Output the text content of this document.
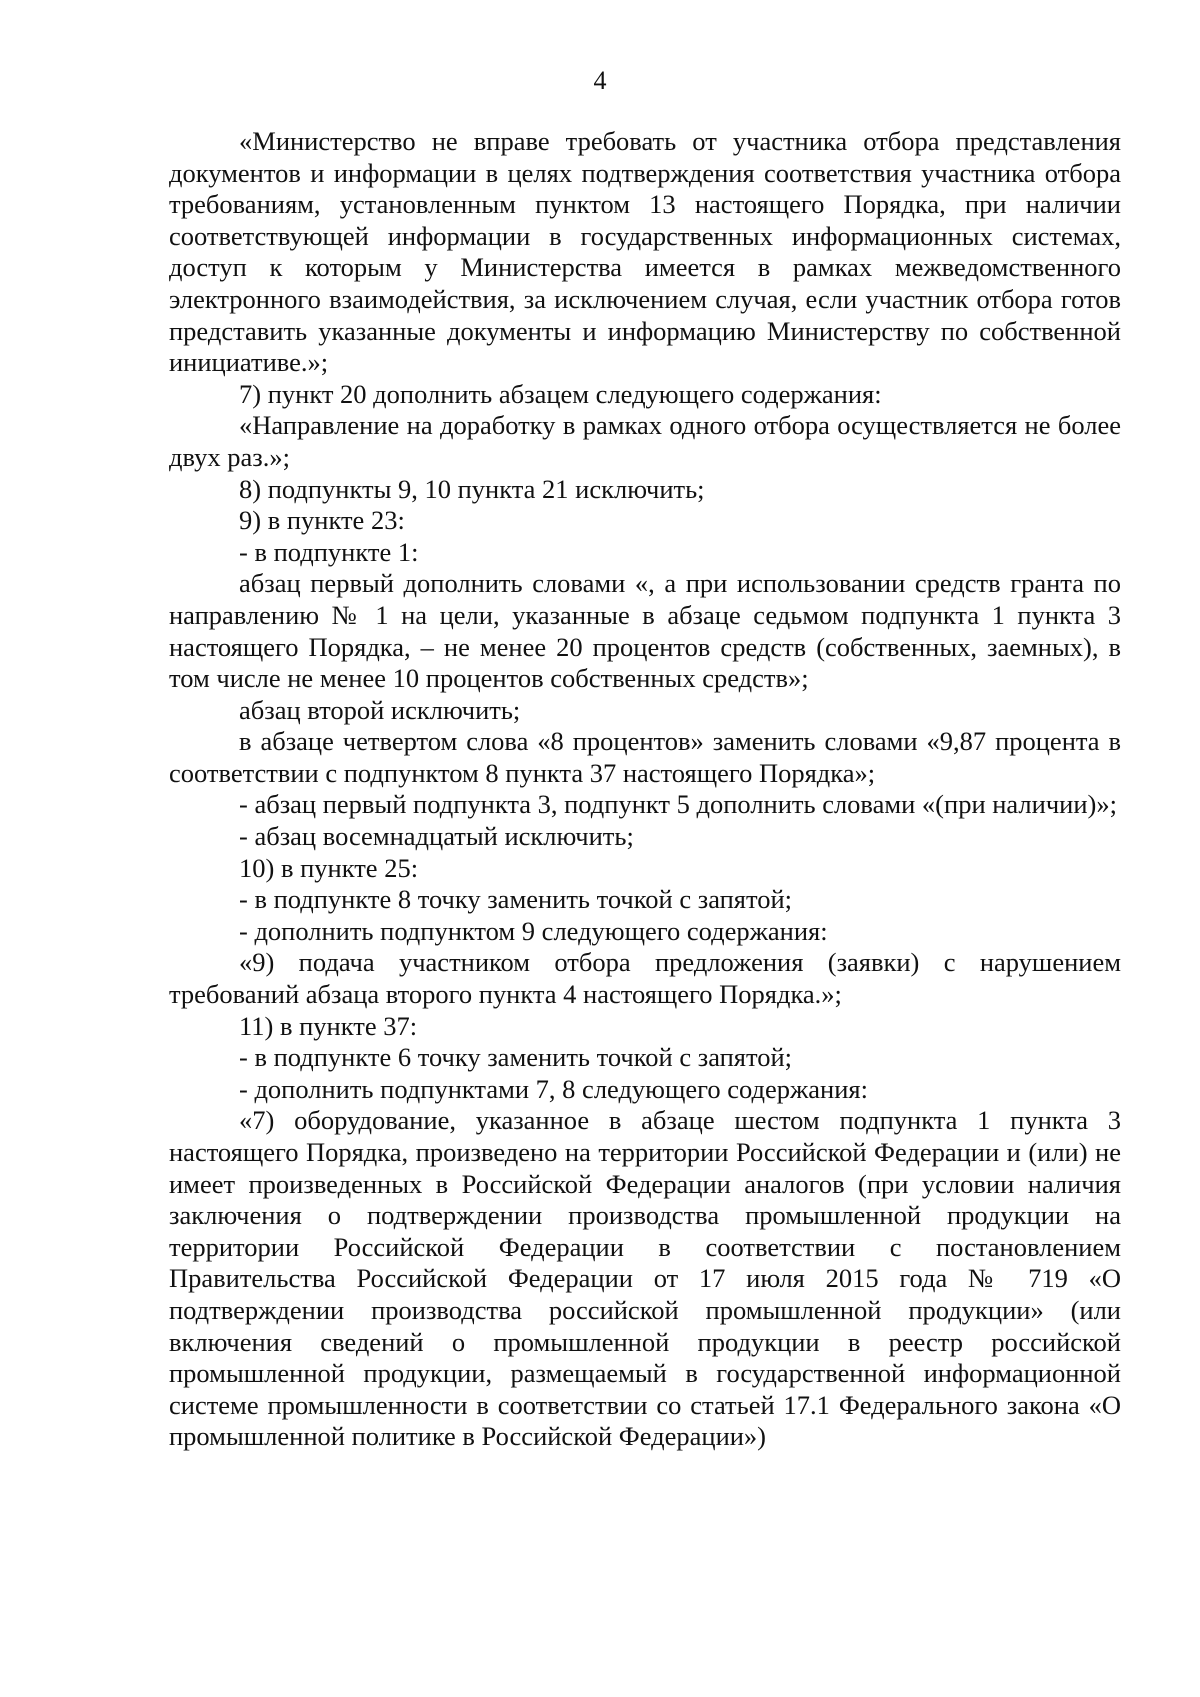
4

«Министерство не вправе требовать от участника отбора представления документов и информации в целях подтверждения соответствия участника отбора требованиям, установленным пунктом 13 настоящего Порядка, при наличии соответствующей информации в государственных информационных системах, доступ к которым у Министерства имеется в рамках межведомственного электронного взаимодействия, за исключением случая, если участник отбора готов представить указанные документы и информацию Министерству по собственной инициативе.»;

7) пункт 20 дополнить абзацем следующего содержания:

«Направление на доработку в рамках одного отбора осуществляется не более двух раз.»;

8) подпункты 9, 10 пункта 21 исключить;

9) в пункте 23:

- в подпункте 1:

абзац первый дополнить словами «, а при использовании средств гранта по направлению № 1 на цели, указанные в абзаце седьмом подпункта 1 пункта 3 настоящего Порядка, – не менее 20 процентов средств (собственных, заемных), в том числе не менее 10 процентов собственных средств»;

абзац второй исключить;

в абзаце четвертом слова «8 процентов» заменить словами «9,87 процента в соответствии с подпунктом 8 пункта 37 настоящего Порядка»;

- абзац первый подпункта 3, подпункт 5 дополнить словами «(при наличии)»;

- абзац восемнадцатый исключить;

10) в пункте 25:

- в подпункте 8 точку заменить точкой с запятой;

- дополнить подпунктом 9 следующего содержания:

«9) подача участником отбора предложения (заявки) с нарушением требований абзаца второго пункта 4 настоящего Порядка.»;

11) в пункте 37:

- в подпункте 6 точку заменить точкой с запятой;

- дополнить подпунктами 7, 8 следующего содержания:

«7) оборудование, указанное в абзаце шестом подпункта 1 пункта 3 настоящего Порядка, произведено на территории Российской Федерации и (или) не имеет произведенных в Российской Федерации аналогов (при условии наличия заключения о подтверждении производства промышленной продукции на территории Российской Федерации в соответствии с постановлением Правительства Российской Федерации от 17 июля 2015 года № 719 «О подтверждении производства российской промышленной продукции» (или включения сведений о промышленной продукции в реестр российской промышленной продукции, размещаемый в государственной информационной системе промышленности в соответствии со статьей 17.1 Федерального закона «О промышленной политике в Российской Федерации»)
